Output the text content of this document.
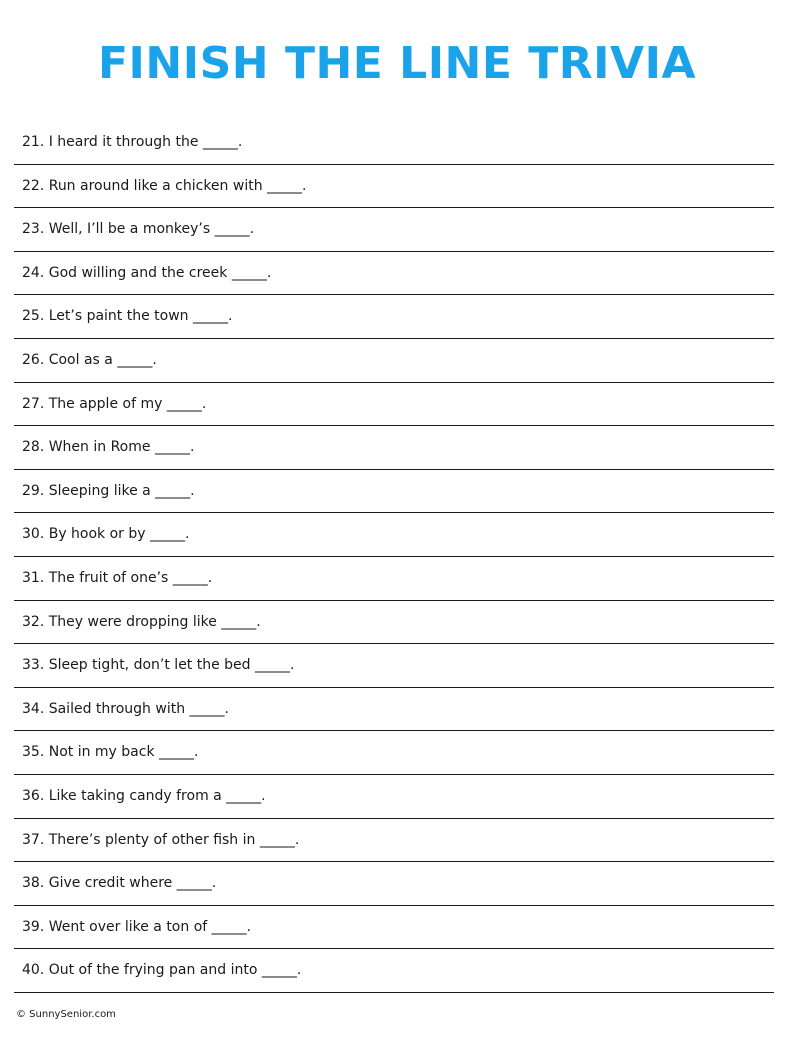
FINISH THE LINE TRIVIA
21. I heard it through the _____.
22. Run around like a chicken with _____.
23. Well, I’ll be a monkey’s _____.
24. God willing and the creek _____.
25. Let’s paint the town _____.
26. Cool as a _____.
27. The apple of my _____.
28. When in Rome _____.
29. Sleeping like a _____.
30. By hook or by _____.
31. The fruit of one’s _____.
32. They were dropping like _____.
33. Sleep tight, don’t let the bed _____.
34. Sailed through with _____.
35. Not in my back _____.
36. Like taking candy from a _____.
37. There’s plenty of other fish in _____.
38. Give credit where _____.
39. Went over like a ton of _____.
40. Out of the frying pan and into _____.
© SunnySenior.com
